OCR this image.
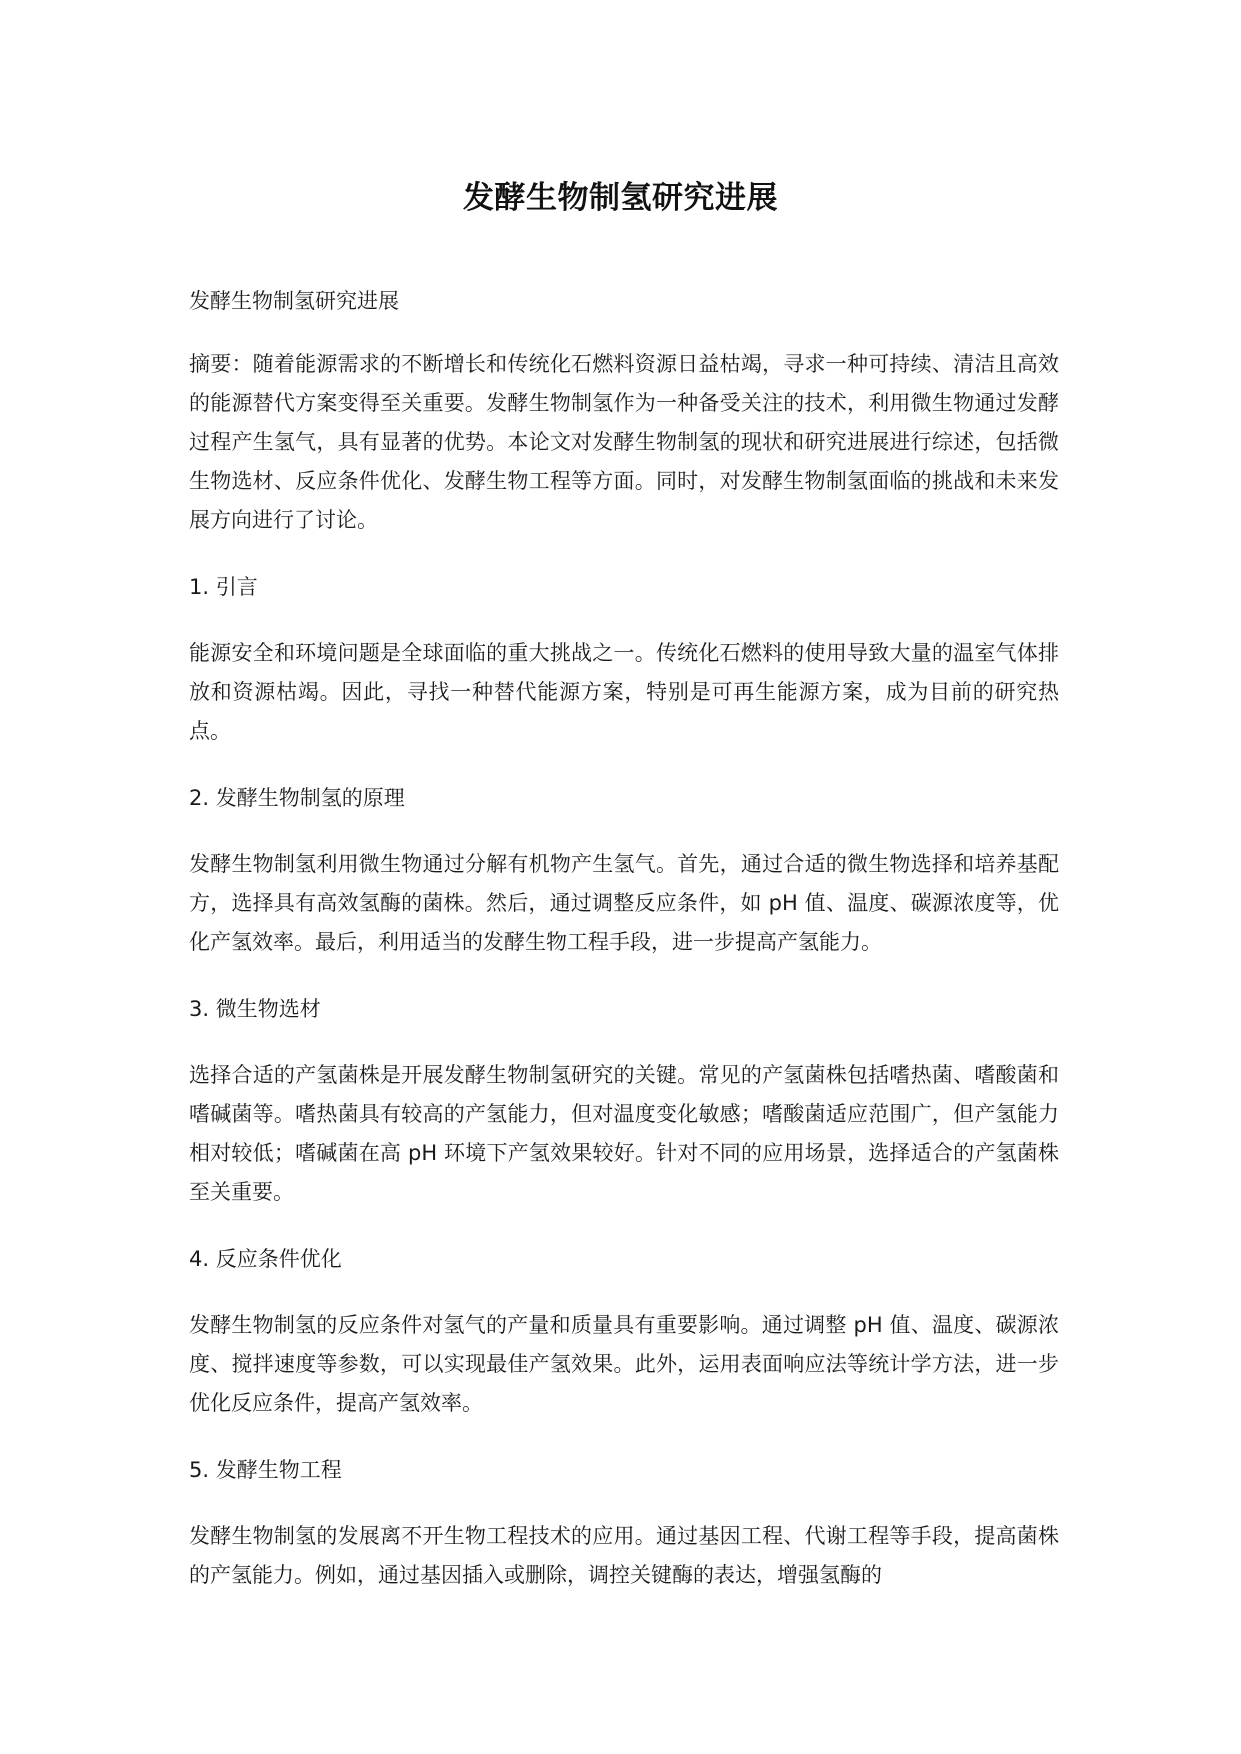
发酵生物制氢研究进展

发酵生物制氢研究进展

摘要：随着能源需求的不断增长和传统化石燃料资源日益枯竭，寻求一种可持续、清洁且高效的能源替代方案变得至关重要。发酵生物制氢作为一种备受关注的技术，利用微生物通过发酵过程产生氢气，具有显著的优势。本论文对发酵生物制氢的现状和研究进展进行综述，包括微生物选材、反应条件优化、发酵生物工程等方面。同时，对发酵生物制氢面临的挑战和未来发展方向进行了讨论。

1. 引言

能源安全和环境问题是全球面临的重大挑战之一。传统化石燃料的使用导致大量的温室气体排放和资源枯竭。因此，寻找一种替代能源方案，特别是可再生能源方案，成为目前的研究热点。

2. 发酵生物制氢的原理

发酵生物制氢利用微生物通过分解有机物产生氢气。首先，通过合适的微生物选择和培养基配方，选择具有高效氢酶的菌株。然后，通过调整反应条件，如 pH 值、温度、碳源浓度等，优化产氢效率。最后，利用适当的发酵生物工程手段，进一步提高产氢能力。

3. 微生物选材

选择合适的产氢菌株是开展发酵生物制氢研究的关键。常见的产氢菌株包括嗜热菌、嗜酸菌和嗜碱菌等。嗜热菌具有较高的产氢能力，但对温度变化敏感；嗜酸菌适应范围广，但产氢能力相对较低；嗜碱菌在高 pH 环境下产氢效果较好。针对不同的应用场景，选择适合的产氢菌株至关重要。

4. 反应条件优化

发酵生物制氢的反应条件对氢气的产量和质量具有重要影响。通过调整 pH 值、温度、碳源浓度、搅拌速度等参数，可以实现最佳产氢效果。此外，运用表面响应法等统计学方法，进一步优化反应条件，提高产氢效率。

5. 发酵生物工程

发酵生物制氢的发展离不开生物工程技术的应用。通过基因工程、代谢工程等手段，提高菌株的产氢能力。例如，通过基因插入或删除，调控关键酶的表达，增强氢酶的
